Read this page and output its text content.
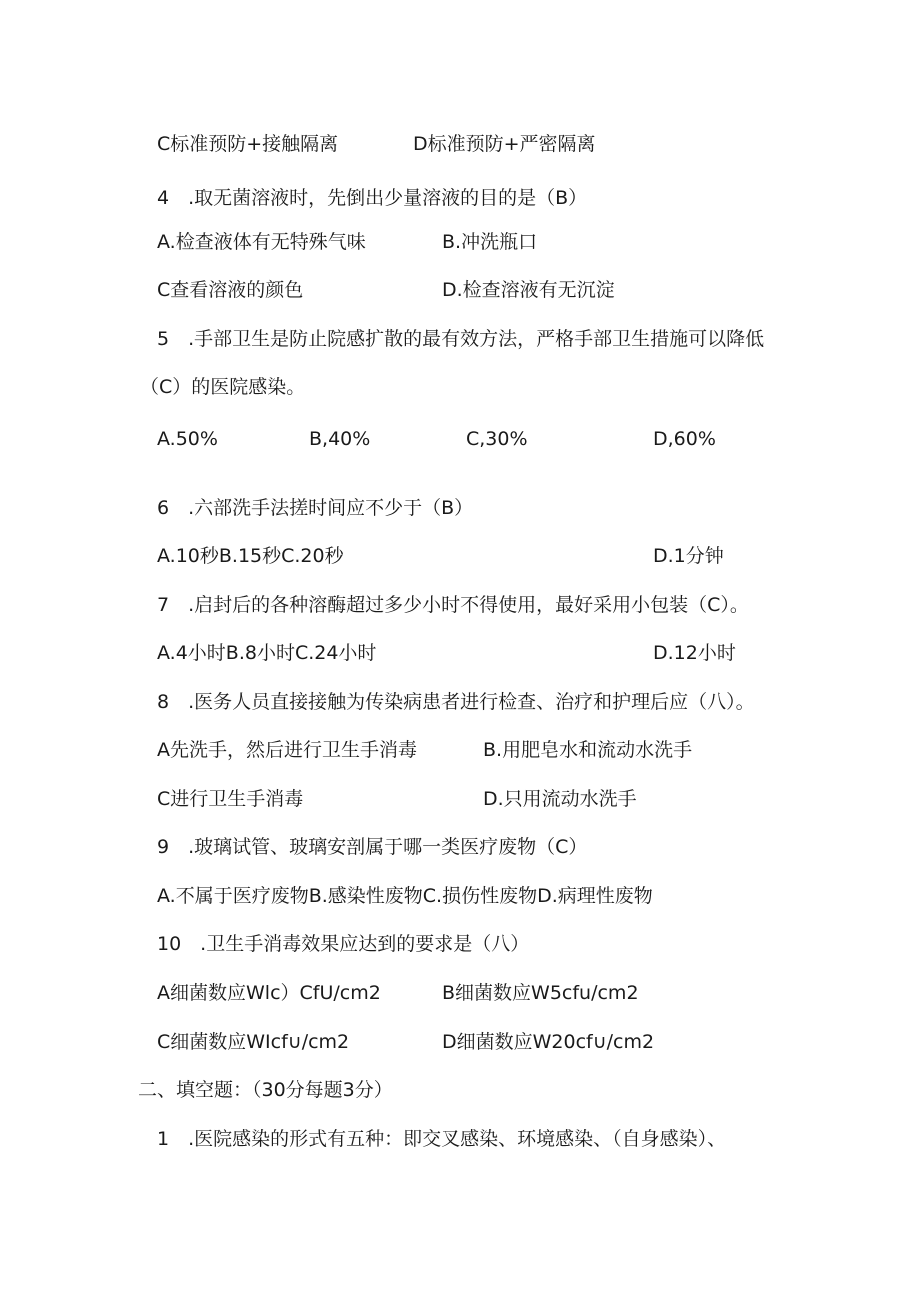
C标准预防+接触隔离	D标准预防+严密隔离
4　.取无菌溶液时，先倒出少量溶液的目的是（B）
A.检查液体有无特殊气味	B.冲洗瓶口
C查看溶液的颜色	D.检查溶液有无沉淀
5　.手部卫生是防止院感扩散的最有效方法，严格手部卫生措施可以降低
（C）的医院感染。
A.50%	B,40%	C,30%	D,60%
6　.六部洗手法搓时间应不少于（B）
A.10秒B.15秒C.20秒	D.1分钟
7　.启封后的各种溶酶超过多少小时不得使用，最好采用小包装（C）。
A.4小时B.8小时C.24小时	D.12小时
8　.医务人员直接接触为传染病患者进行检查、治疗和护理后应（八）。
A先洗手，然后进行卫生手消毒	B.用肥皂水和流动水洗手
C进行卫生手消毒	D.只用流动水洗手
9　.玻璃试管、玻璃安剖属于哪一类医疗废物（C）
A.不属于医疗废物B.感染性废物C.损伤性废物D.病理性废物
10　.卫生手消毒效果应达到的要求是（八）
A细菌数应Wlc）CfU/cm2	B细菌数应W5cfu∕cm2
C细菌数应WIcf∪∕cm2	D细菌数应W20cf∪∕cm2
二、填空题：（30分每题3分）
1　.医院感染的形式有五种：即交叉感染、环境感染、（自身感染）、
